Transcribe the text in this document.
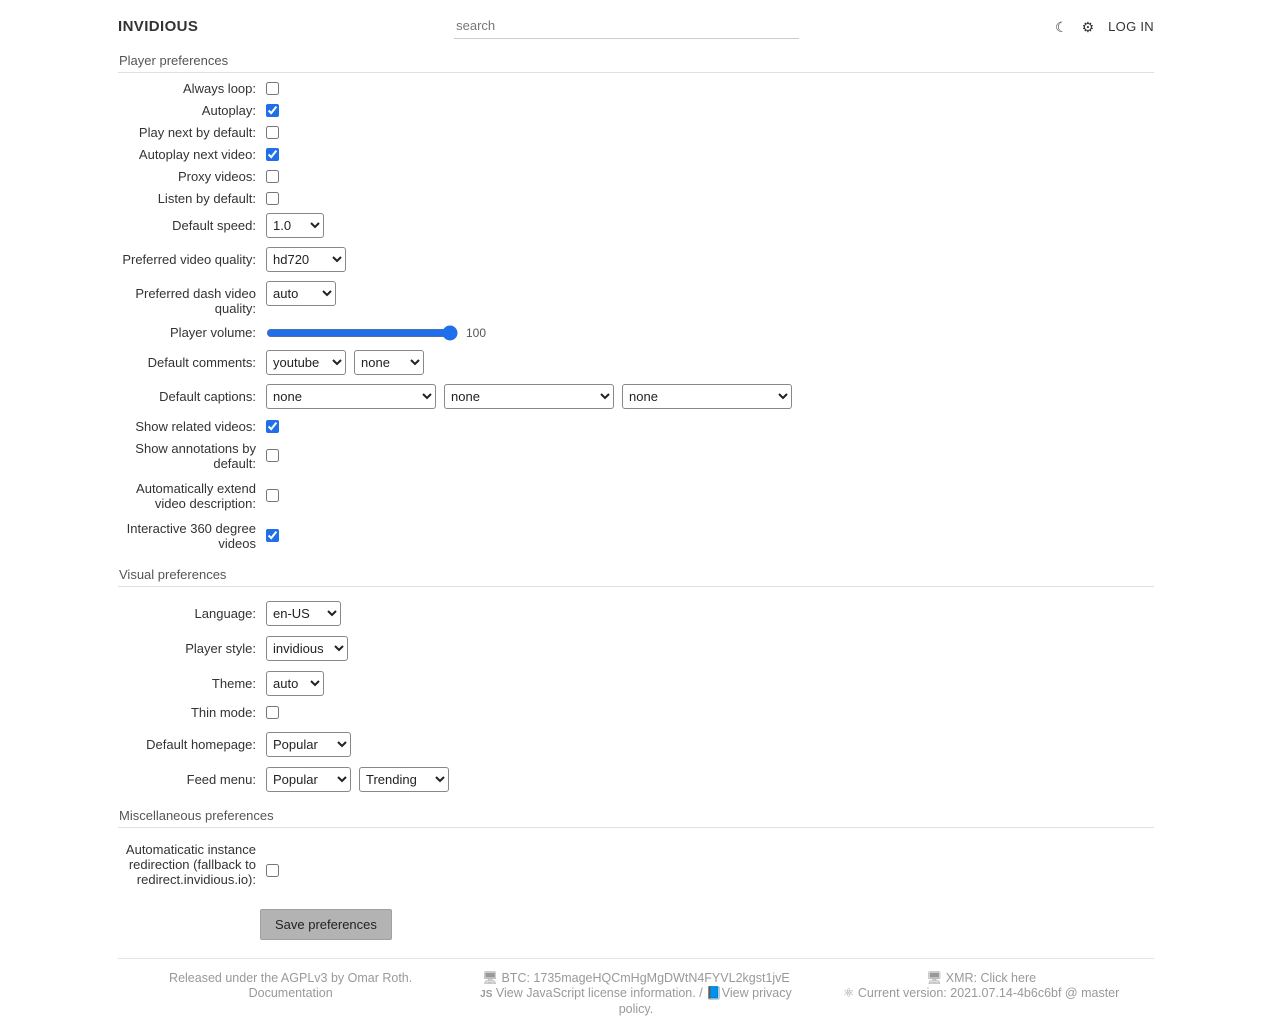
INVIDIOUS
search	☾ ⚙ LOG IN
Player preferences
Always loop:
Autoplay:
Play next by default:
Autoplay next video:
Proxy videos:
Listen by default:
Default speed:
1.0
Preferred video quality:
hd720
Preferred dash video quality:
auto
Player volume:	100
Default comments:
youtube
none
Default captions:
none
none
none
Show related videos:
Show annotations by default:
Automatically extend video description:
Interactive 360 degree videos
Visual preferences
Language:
en-US
Player style:
invidious
Theme:
auto
Thin mode:
Default homepage:
Popular
Feed menu:
Popular
Trending
Miscellaneous preferences
Automaticatic instance redirection (fallback to redirect.invidious.io):
Save preferences
Released under the AGPLv3 by Omar Roth.
Documentation
🖥 BTC: 1735mageHQCmHgMgDWtN4FYVL2kgst1jvE
JS View JavaScript license information. / 📘View privacy policy.
🖥 XMR: Click here
⚛ Current version: 2021.07.14-4b6c6bf @ master
